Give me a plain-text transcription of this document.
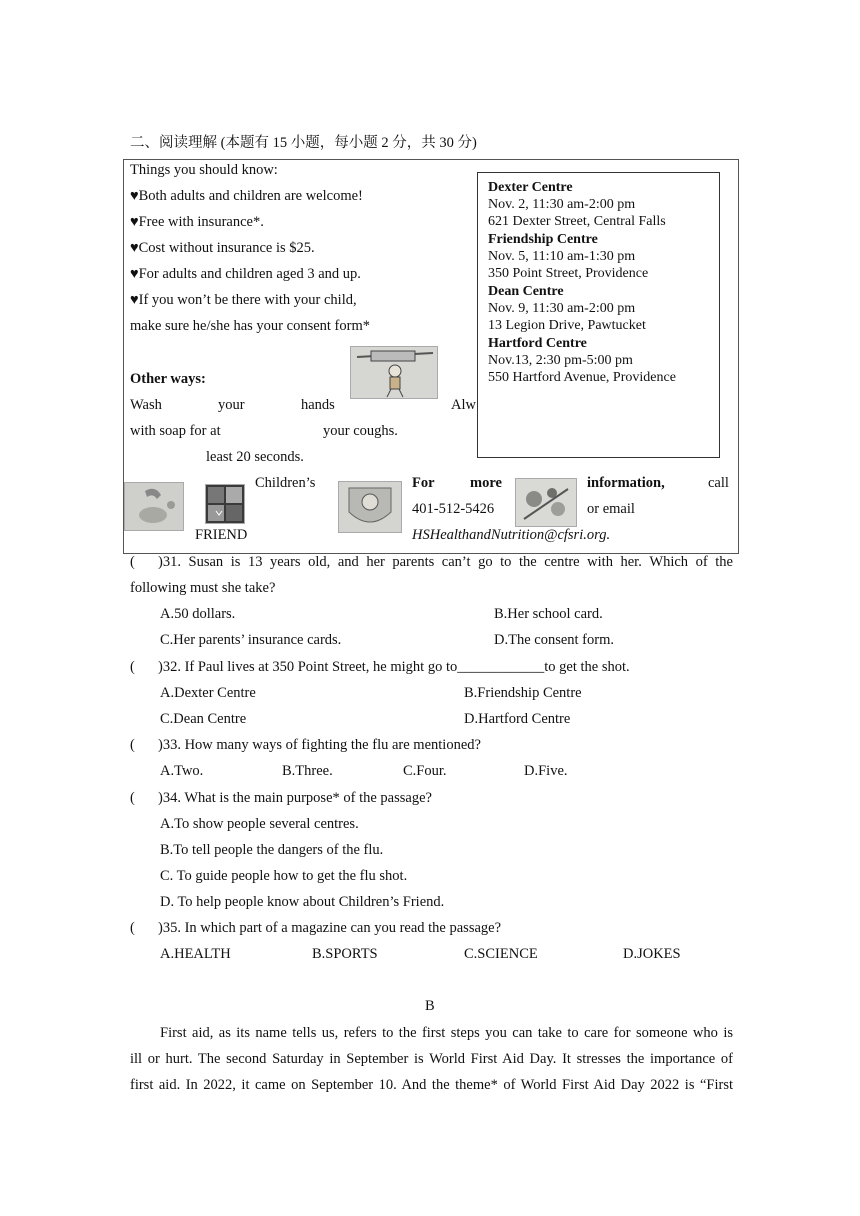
二、阅读理解 (本题有 15 小题，每小题 2 分，共 30 分)
Things you should know:
♥Both adults and children are welcome!
♥Free with insurance*.
♥Cost without insurance is $25.
♥For adults and children aged 3 and up.
♥If you won’t be there with your child,
make sure he/she has your consent form*
Other ways:
Wash	your	hands	Alw
with soap for at	your coughs.
least 20 seconds.
Dexter Centre
Nov. 2, 11:30 am-2:00 pm
621 Dexter Street, Central Falls
Friendship Centre
Nov. 5, 11:10 am-1:30 pm
350 Point Street, Providence
Dean Centre
Nov. 9, 11:30 am-2:00 pm
13 Legion Drive, Pawtucket
Hartford Centre
Nov.13, 2:30 pm-5:00 pm
550 Hartford Avenue, Providence
Children’s
FRIEND
For more	information,	call
401-512-5426	or email
HSHealthandNutrition@cfsri.org.
( )31. Susan is 13 years old, and her parents can’t go to the centre with her. Which of the
following must she take?
A.50 dollars.	B.Her school card.
C.Her parents’ insurance cards.	D.The consent form.
( )32. If Paul lives at 350 Point Street, he might go to____________to get the shot.
A.Dexter Centre	B.Friendship Centre
C.Dean Centre	D.Hartford Centre
( )33. How many ways of fighting the flu are mentioned?
A.Two.	B.Three.	C.Four.	D.Five.
( )34. What is the main purpose* of the passage?
A.To show people several centres.
B.To tell people the dangers of the flu.
C. To guide people how to get the flu shot.
D. To help people know about Children’s Friend.
( )35. In which part of a magazine can you read the passage?
A.HEALTH	B.SPORTS	C.SCIENCE	D.JOKES
B
First aid, as its name tells us, refers to the first steps you can take to care for someone who is
ill or hurt. The second Saturday in September is World First Aid Day. It stresses the importance of
first aid. In 2022, it came on September 10. And the theme* of World First Aid Day 2022 is “First
